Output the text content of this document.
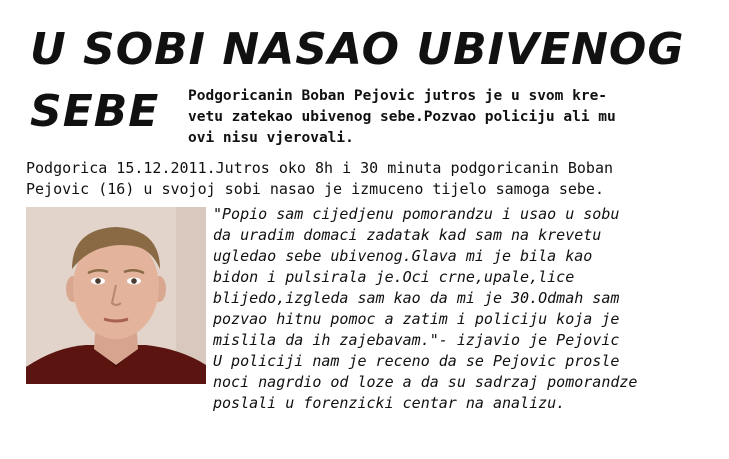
U SOBI NASAO UBIVENOG
SEBE Podgoricanin Boban Pejovic jutros je u svom kre-
vetu zatekao ubivenog sebe.Pozvao policiju ali mu
ovi nisu vjerovali.

Podgorica 15.12.2011.Jutros oko 8h i 30 minuta podgoricanin Boban
Pejovic (16) u svojoj sobi nasao je izmuceno tijelo samoga sebe.

"Popio sam cijedjenu pomorandzu i usao u sobu
da uradim domaci zadatak kad sam na krevetu
ugledao sebe ubivenog.Glava mi je bila kao
bidon i pulsirala je.Oci crne,upale,lice
blijedo,izgleda sam kao da mi je 30.Odmah sam
pozvao hitnu pomoc a zatim i policiju koja je
mislila da ih zajebavam."- izjavio je Pejovic
U policiji nam je receno da se Pejovic prosle
noci nagrdio od loze a da su sadrzaj pomorandze
poslali u forenzicki centar na analizu.
